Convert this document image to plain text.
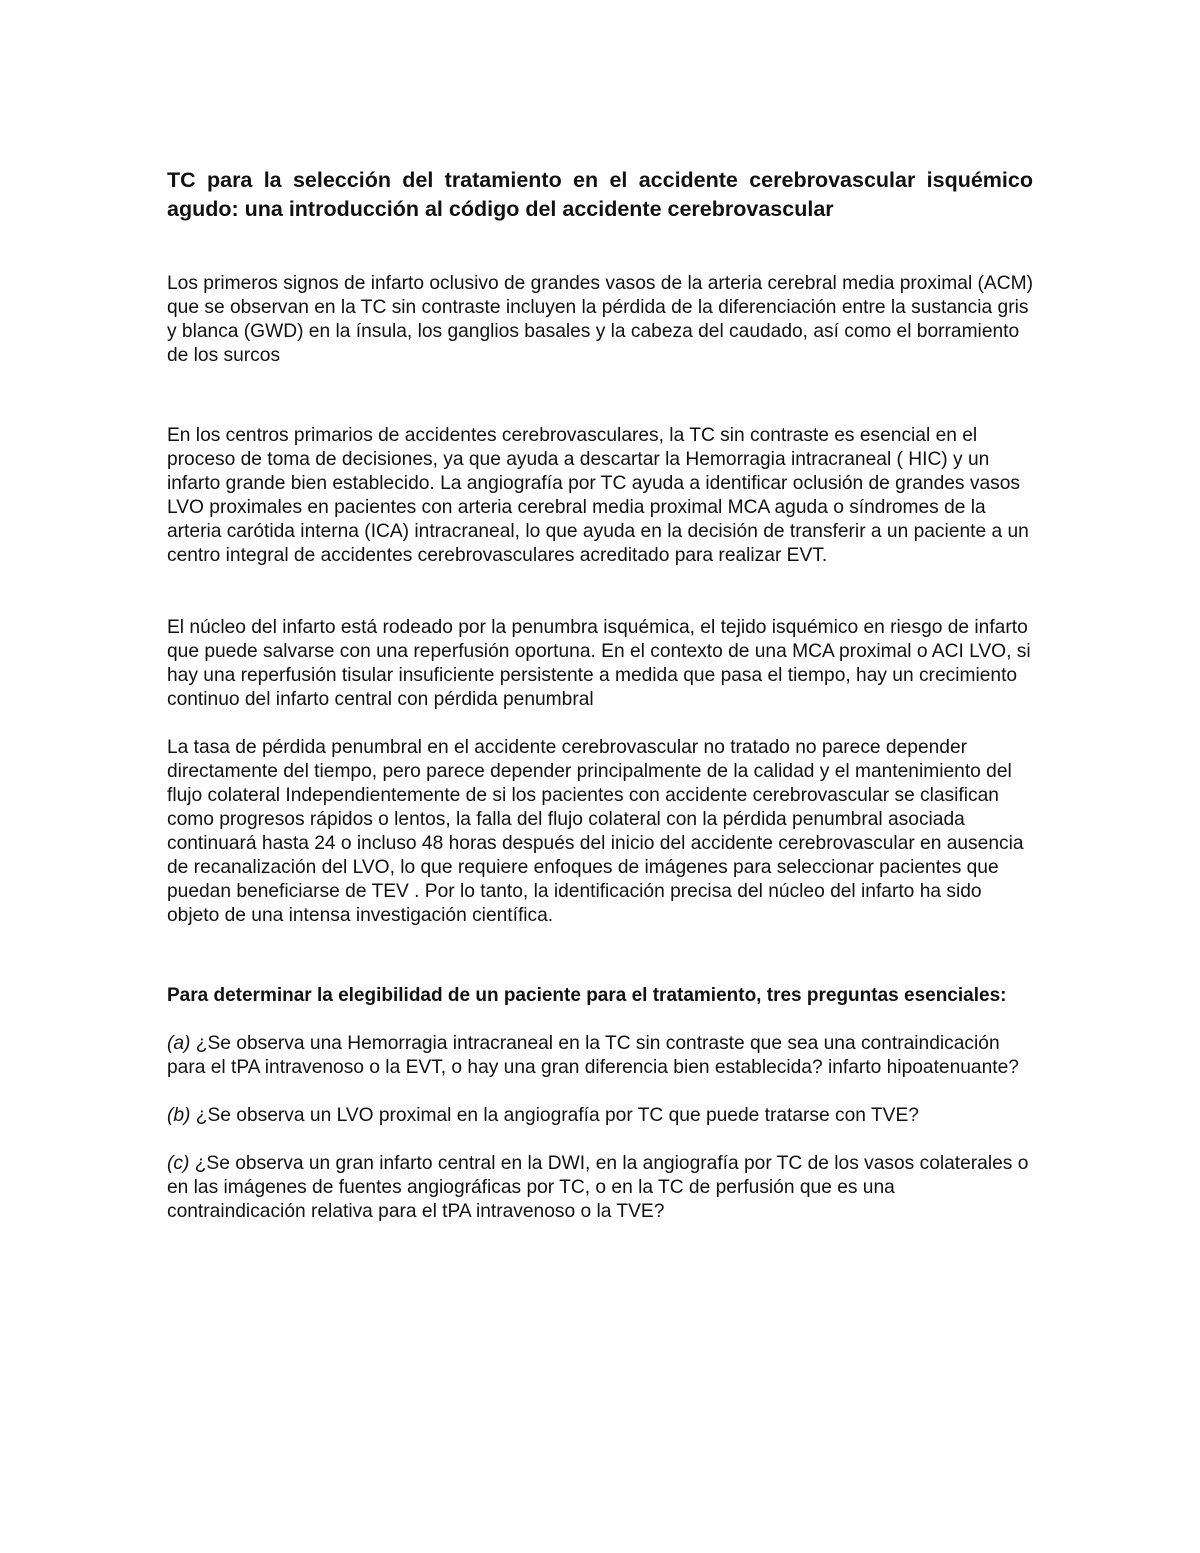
TC para la selección del tratamiento en el accidente cerebrovascular isquémico agudo: una introducción al código del accidente cerebrovascular

Los primeros signos de infarto oclusivo de grandes vasos de la arteria cerebral media proximal (ACM) que se observan en la TC sin contraste incluyen la pérdida de la diferenciación entre la sustancia gris y blanca (GWD) en la ínsula, los ganglios basales y la cabeza del caudado, así como el borramiento de los surcos

En los centros primarios de accidentes cerebrovasculares, la TC sin contraste es esencial en el proceso de toma de decisiones, ya que ayuda a descartar la Hemorragia intracraneal ( HIC) y un infarto grande bien establecido. La angiografía por TC ayuda a identificar oclusión de grandes vasos LVO proximales en pacientes con arteria cerebral media proximal MCA aguda o síndromes de la arteria carótida interna (ICA) intracraneal, lo que ayuda en la decisión de transferir a un paciente a un centro integral de accidentes cerebrovasculares acreditado para realizar EVT.

El núcleo del infarto está rodeado por la penumbra isquémica, el tejido isquémico en riesgo de infarto que puede salvarse con una reperfusión oportuna. En el contexto de una MCA proximal o ACI LVO, si hay una reperfusión tisular insuficiente persistente a medida que pasa el tiempo, hay un crecimiento continuo del infarto central con pérdida penumbral

La tasa de pérdida penumbral en el accidente cerebrovascular no tratado no parece depender directamente del tiempo, pero parece depender principalmente de la calidad y el mantenimiento del flujo colateral Independientemente de si los pacientes con accidente cerebrovascular se clasifican como progresos rápidos o lentos, la falla del flujo colateral con la pérdida penumbral asociada continuará hasta 24 o incluso 48 horas después del inicio del accidente cerebrovascular en ausencia de recanalización del LVO, lo que requiere enfoques de imágenes para seleccionar pacientes que puedan beneficiarse de TEV . Por lo tanto, la identificación precisa del núcleo del infarto ha sido objeto de una intensa investigación científica.

Para determinar la elegibilidad de un paciente para el tratamiento, tres preguntas esenciales:

(a) ¿Se observa una Hemorragia intracraneal en la TC sin contraste que sea una contraindicación para el tPA intravenoso o la EVT, o hay una gran diferencia bien establecida? infarto hipoatenuante?

(b) ¿Se observa un LVO proximal en la angiografía por TC que puede tratarse con TVE?

(c) ¿Se observa un gran infarto central en la DWI, en la angiografía por TC de los vasos colaterales o en las imágenes de fuentes angiográficas por TC, o en la TC de perfusión que es una contraindicación relativa para el tPA intravenoso o la TVE?
